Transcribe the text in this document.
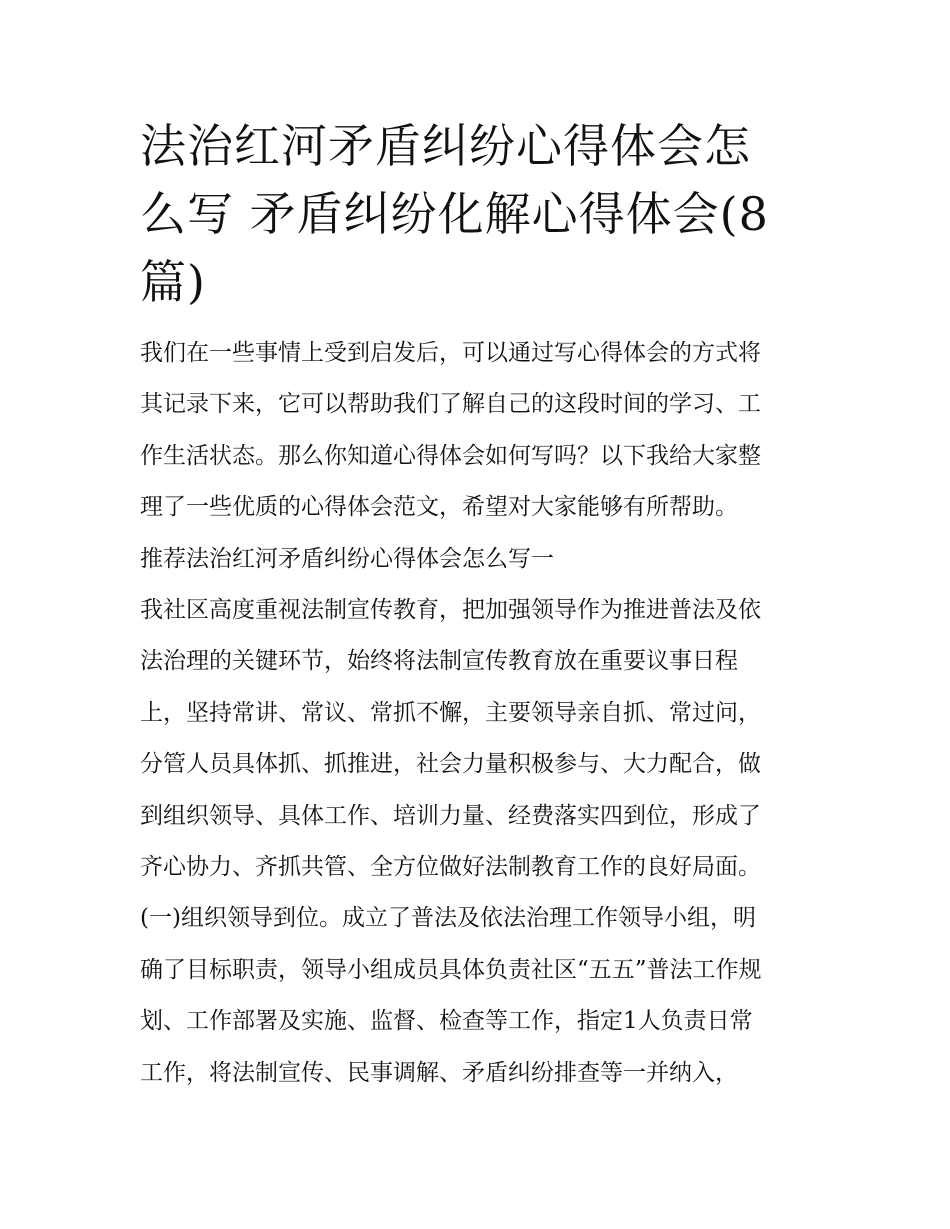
法治红河矛盾纠纷心得体会怎
么写 矛盾纠纷化解心得体会(8
篇)
我们在一些事情上受到启发后，可以通过写心得体会的方式将
其记录下来，它可以帮助我们了解自己的这段时间的学习、工
作生活状态。那么你知道心得体会如何写吗？以下我给大家整
理了一些优质的心得体会范文，希望对大家能够有所帮助。
推荐法治红河矛盾纠纷心得体会怎么写一
我社区高度重视法制宣传教育，把加强领导作为推进普法及依
法治理的关键环节，始终将法制宣传教育放在重要议事日程
上，坚持常讲、常议、常抓不懈，主要领导亲自抓、常过问，
分管人员具体抓、抓推进，社会力量积极参与、大力配合，做
到组织领导、具体工作、培训力量、经费落实四到位，形成了
齐心协力、齐抓共管、全方位做好法制教育工作的良好局面。
(一)组织领导到位。成立了普法及依法治理工作领导小组，明
确了目标职责，领导小组成员具体负责社区“五五”普法工作规
划、工作部署及实施、监督、检查等工作，指定1人负责日常
工作，将法制宣传、民事调解、矛盾纠纷排查等一并纳入，
